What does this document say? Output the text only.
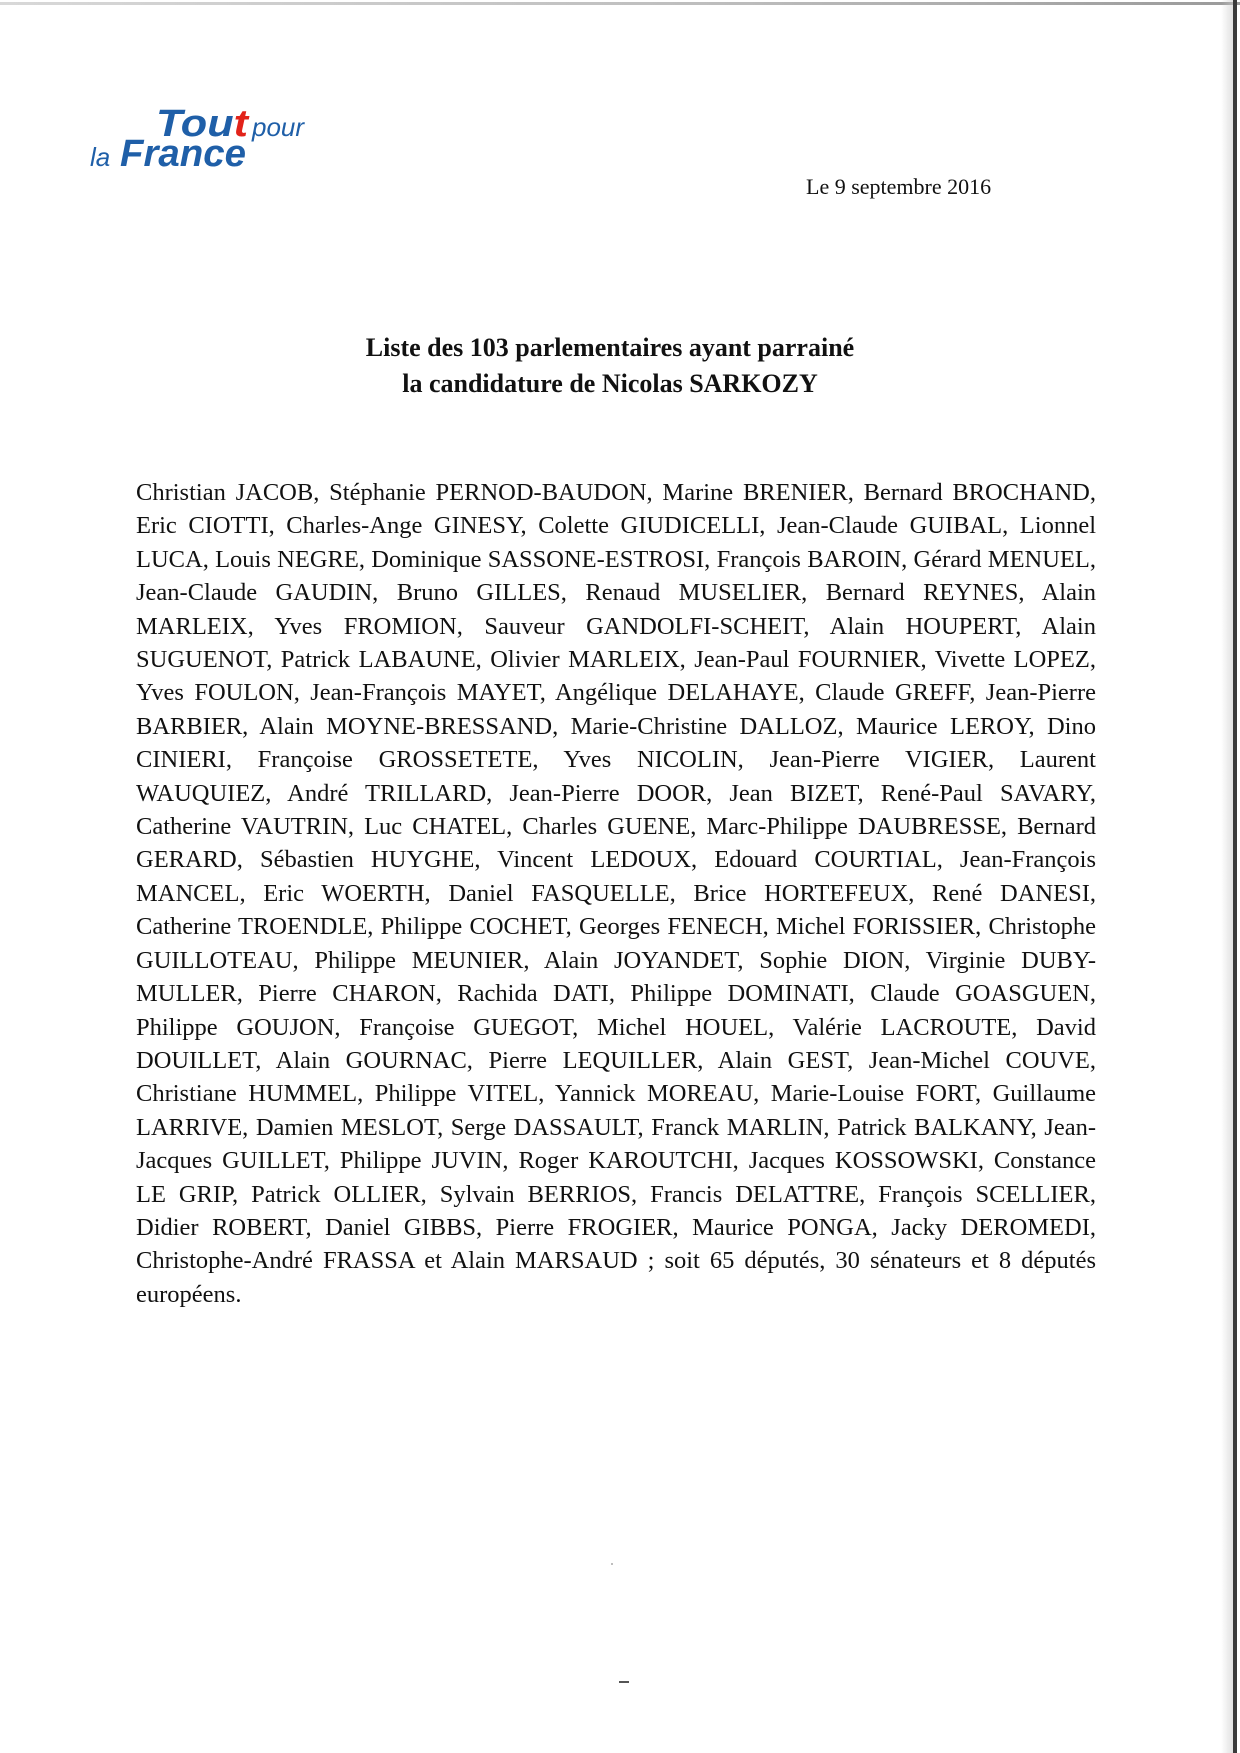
la France
Tou t pour
Le 9 septembre 2016
Liste des 103 parlementaires ayant parrainé
la candidature de Nicolas SARKOZY
Christian JACOB, Stéphanie PERNOD-BAUDON, Marine BRENIER, Bernard BROCHAND, Eric CIOTTI, Charles-Ange GINESY, Colette GIUDICELLI, Jean-Claude GUIBAL, Lionnel LUCA, Louis NEGRE, Dominique SASSONE-ESTROSI, François BAROIN, Gérard MENUEL, Jean-Claude GAUDIN, Bruno GILLES, Renaud MUSELIER, Bernard REYNES, Alain MARLEIX, Yves FROMION, Sauveur GANDOLFI-SCHEIT, Alain HOUPERT, Alain SUGUENOT, Patrick LABAUNE, Olivier MARLEIX, Jean-Paul FOURNIER, Vivette LOPEZ, Yves FOULON, Jean-François MAYET, Angélique DELAHAYE, Claude GREFF, Jean-Pierre BARBIER, Alain MOYNE-BRESSAND, Marie-Christine DALLOZ, Maurice LEROY, Dino CINIERI, Françoise GROSSETETE, Yves NICOLIN, Jean-Pierre VIGIER, Laurent WAUQUIEZ, André TRILLARD, Jean-Pierre DOOR, Jean BIZET, René-Paul SAVARY, Catherine VAUTRIN, Luc CHATEL, Charles GUENE, Marc-Philippe DAUBRESSE, Bernard GERARD, Sébastien HUYGHE, Vincent LEDOUX, Edouard COURTIAL, Jean-François MANCEL, Eric WOERTH, Daniel FASQUELLE, Brice HORTEFEUX, René DANESI, Catherine TROENDLE, Philippe COCHET, Georges FENECH, Michel FORISSIER, Christophe GUILLOTEAU, Philippe MEUNIER, Alain JOYANDET, Sophie DION, Virginie DUBY-MULLER, Pierre CHARON, Rachida DATI, Philippe DOMINATI, Claude GOASGUEN, Philippe GOUJON, Françoise GUEGOT, Michel HOUEL, Valérie LACROUTE, David DOUILLET, Alain GOURNAC, Pierre LEQUILLER, Alain GEST, Jean-Michel COUVE, Christiane HUMMEL, Philippe VITEL, Yannick MOREAU, Marie-Louise FORT, Guillaume LARRIVE, Damien MESLOT, Serge DASSAULT, Franck MARLIN, Patrick BALKANY, Jean-Jacques GUILLET, Philippe JUVIN, Roger KAROUTCHI, Jacques KOSSOWSKI, Constance LE GRIP, Patrick OLLIER, Sylvain BERRIOS, Francis DELATTRE, François SCELLIER, Didier ROBERT, Daniel GIBBS, Pierre FROGIER, Maurice PONGA, Jacky DEROMEDI, Christophe-André FRASSA et Alain MARSAUD ; soit 65 députés, 30 sénateurs et 8 députés européens.
